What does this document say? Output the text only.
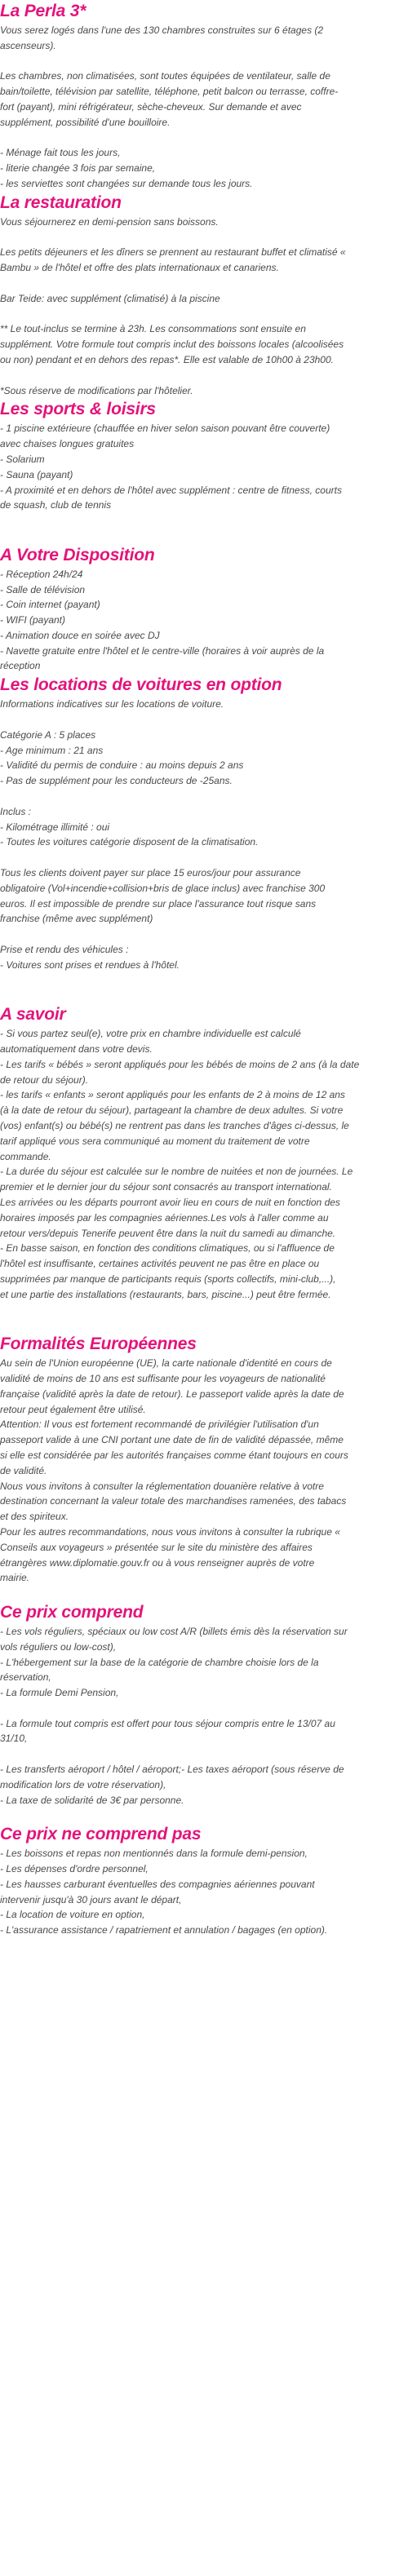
La Perla 3*
Vous serez logés dans l'une des 130 chambres construites sur 6 étages (2
ascenseurs).
Les chambres, non climatisées, sont toutes équipées de ventilateur, salle de
bain/toilette, télévision par satellite, téléphone, petit balcon ou terrasse, coffre-
fort (payant), mini réfrigérateur, sèche-cheveux. Sur demande et avec
supplément, possibilité d'une bouilloire.
- Ménage fait tous les jours,
- literie changée 3 fois par semaine,
- les serviettes sont changées sur demande tous les jours.
La restauration
Vous séjournerez en demi-pension sans boissons.
Les petits déjeuners et les dîners se prennent au restaurant buffet et climatisé «
Bambu » de l'hôtel et offre des plats internationaux et canariens.
Bar Teide: avec supplément (climatisé) à la piscine
** Le tout-inclus se termine à 23h. Les consommations sont ensuite en
supplément. Votre formule tout compris inclut des boissons locales (alcoolisées
ou non) pendant et en dehors des repas*. Elle est valable de 10h00 à 23h00.
*Sous réserve de modifications par l'hôtelier.
Les sports & loisirs
- 1 piscine extérieure (chauffée en hiver selon saison pouvant être couverte)
avec chaises longues gratuites
- Solarium
- Sauna (payant)
- A proximité et en dehors de l'hôtel avec supplément : centre de fitness, courts
de squash, club de tennis
A Votre Disposition
- Réception 24h/24
- Salle de télévision
- Coin internet (payant)
- WIFI (payant)
- Animation douce en soirée avec DJ
- Navette gratuite entre l'hôtel et le centre-ville (horaires à voir auprès de la
réception
Les locations de voitures en option
Informations indicatives sur les locations de voiture.
Catégorie A : 5 places
- Age minimum : 21 ans
- Validité du permis de conduire : au moins depuis 2 ans
- Pas de supplément pour les conducteurs de -25ans.
Inclus :
- Kilométrage illimité : oui
- Toutes les voitures catégorie disposent de la climatisation.
Tous les clients doivent payer sur place 15 euros/jour pour assurance
obligatoire (Vol+incendie+collision+bris de glace inclus) avec franchise 300
euros. Il est impossible de prendre sur place l'assurance tout risque sans
franchise (même avec supplément)
Prise et rendu des véhicules :
- Voitures sont prises et rendues à l'hôtel.
A savoir
- Si vous partez seul(e), votre prix en chambre individuelle est calculé
automatiquement dans votre devis.
- Les tarifs « bébés » seront appliqués pour les bébés de moins de 2 ans (à la date
de retour du séjour).
- les tarifs « enfants » seront appliqués pour les enfants de 2 à moins de 12 ans
(à la date de retour du séjour), partageant la chambre de deux adultes. Si votre
(vos) enfant(s) ou bébé(s) ne rentrent pas dans les tranches d'âges ci-dessus, le
tarif appliqué vous sera communiqué au moment du traitement de votre
commande.
- La durée du séjour est calculée sur le nombre de nuitées et non de journées. Le
premier et le dernier jour du séjour sont consacrés au transport international.
Les arrivées ou les départs pourront avoir lieu en cours de nuit en fonction des
horaires imposés par les compagnies aériennes.Les vols à l'aller comme au
retour vers/depuis Tenerife peuvent être dans la nuit du samedi au dimanche.
- En basse saison, en fonction des conditions climatiques, ou si l'affluence de
l'hôtel est insuffisante, certaines activités peuvent ne pas être en place ou
supprimées par manque de participants requis (sports collectifs, mini-club,...),
et une partie des installations (restaurants, bars, piscine...) peut être fermée.
Formalités Européennes
Au sein de l'Union européenne (UE), la carte nationale d'identité en cours de
validité de moins de 10 ans est suffisante pour les voyageurs de nationalité
française (validité après la date de retour). Le passeport valide après la date de
retour peut également être utilisé.
Attention: Il vous est fortement recommandé de privilégier l'utilisation d'un
passeport valide à une CNI portant une date de fin de validité dépassée, même
si elle est considérée par les autorités françaises comme étant toujours en cours
de validité.
Nous vous invitons à consulter la réglementation douanière relative à votre
destination concernant la valeur totale des marchandises ramenées, des tabacs
et des spiriteux.
Pour les autres recommandations, nous vous invitons à consulter la rubrique «
Conseils aux voyageurs » présentée sur le site du ministère des affaires
étrangères www.diplomatie.gouv.fr ou à vous renseigner auprès de votre
mairie.
Ce prix comprend
- Les vols réguliers, spéciaux ou low cost A/R (billets émis dès la réservation sur
vols réguliers ou low-cost),
- L'hébergement sur la base de la catégorie de chambre choisie lors de la
réservation,
- La formule Demi Pension,
- La formule tout compris est offert pour tous séjour compris entre le 13/07 au
31/10,
- Les transferts aéroport / hôtel / aéroport;- Les taxes aéroport (sous réserve de
modification lors de votre réservation),
- La taxe de solidarité de 3€ par personne.
Ce prix ne comprend pas
- Les boissons et repas non mentionnés dans la formule demi-pension,
- Les dépenses d'ordre personnel,
- Les hausses carburant éventuelles des compagnies aériennes pouvant
intervenir jusqu'à 30 jours avant le départ,
- La location de voiture en option,
- L'assurance assistance / rapatriement et annulation / bagages (en option).
